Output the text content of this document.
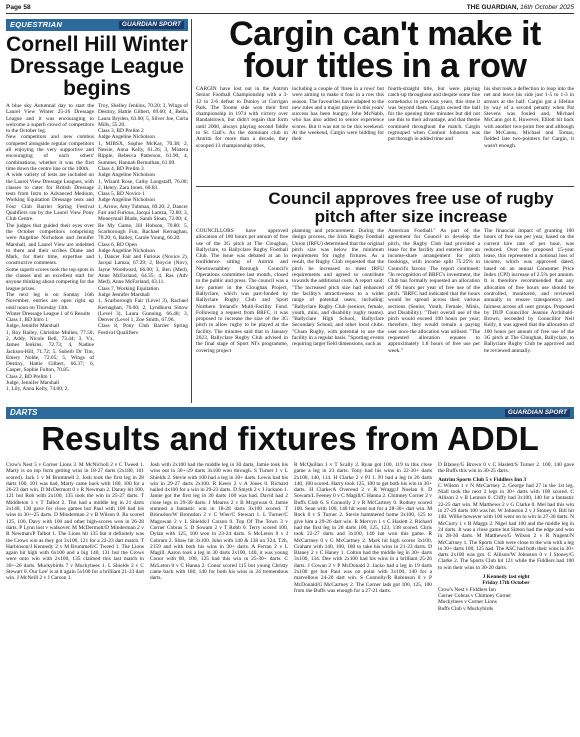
Page 58	THE GUARDIAN, 16th October 2025
EQUESTRIAN	GUARDIAN SPORT
Cornell Hill Winter Dressage League begins

A blue sky Autumnal day to start the Laurel View Winter 25-26 Dressage League and it was encouraging to welcome a superb crowd of competitors to the October leg.

New competitors and new combos competed alongside regular competitors all enjoying the very supportive and encouraging of each others' combinations, whether it was the first time down the centre line or the 100th.

A wide variety of tests are included on the Laurel View Dressage Leagues, with classes to cater for British Dressage tests from Intro to Advanced Medium, Working Equitation Dressage tests and Four Club Barrier Spring Festival Qualifiers ran by the Laurel View Pony Club Centre.

The judges that guided their eyes over the October competitors comprising were Angeline Nicholson and Jennifer Marshall, and Laurel View are indebted to them and their scribes Diane and Mark, for their time, expertise and constructive comments.

Some superb scores took the top spots in the classes and an excellent start for anyone thinking about competing for the league prizes.

The next leg is on Sunday 16th November, entries are open right up until noon on Thursday 13th.

Winter Dressage League 1 of 6 Results

Class 1, BD Intro 1

Judge, Jennifer Marshall

1, Roy Bailey, Christine Mullen, 77.50; 2, Addy, Nicole Bell, 73.44; 3, Vx, James Jenkins, 72.73; 4, Nadine Jackson-Hill, 71.72; 5, Suberb Dr Tim, Emery Noble, 72.05; 5, Wings of Destiny, Hattie Gilbert, 66.37; 6, Casper, Sophie Fulton, 70.85.

Class 2, BD Prelim 1

Judge, Jennifer Marshall

1, Lily, Anna Kelly, 74.00; 2,

Troy, Shelley Jenkins, 70.20; 3, Wings of Destiny, Hattie Gilbert, 69.60; 4, Bella, Laura Bryden, 63.00; 5, Silver Joe, Corla Mills, 55.20.

Class 3, BD Prelim 2

Judge Angeline Nicholson

1, MJBSX, Sophie McKay, 70.38; 2, Nessie, Anna Kelly, 61.26; 3, Mistera Ripple, Rebecca Patterson, 61.90; 4, Summer, Hannah Bernuthan, 61.09.

Class 4, BD Prelim 3

Judge Angeline Nicholson

1, Wizard Rose, Cathy Longstaff, 76.00; 2, Henry, Zara Jones, 60.83.

Class 5, BD Novice 1

Judge Angeline Nicholson

1, Arrow, Amy Tubman, 69.20; 2, Dancer Fair and Furious, Jacqui Lamza, 72.80; 3, Moneymail Blade, Sarah Sloan, 72.00; 4, Be My Game, Jill Hobson, 70.80; 5, Scarborough Fun, Rachael Kernaghan, 70.20; 6, Bailey, Carole Young, 66.20.

Class 6, BD Open

Judge Angeline Nicholson

1, Dancer Fair and Furious (Novice 2), Jacqui Lamza, 67.29; 2, Boycie (Nov), Jayne Woodward, 66.00; 3, Ben (Med), Anne McFarland, 64.35; 4, Ras (Adv Med), Anne McFarland, 63.11.

Class 7, Working Equitation

Judge Jennifer Marshall

1, Scarborough Fair (Level 3), Rachael Kernaghan, 76.00; 2, Lyndhurst Sinow (Level 3), Laura Gunning, 66.48; 3, Denver (Level 1, Zoe Smith, 67.96.

Class 8, Pony Club Barrier Spring Festival Qualifiers

Cargin can't make it four titles in a row
CARGIN have lost out in the Antrim Senior Football Championship with a 3-12 to 2-6 defeat to Dunloy at Corrigan Park. The Toome side won their first championship in 1974 with victory over Randalstown, but didn't regain that form until 2000, always playing second fiddle to St. Gall's. As the dominant club in Antrim for more than a decade, they scooped 13 championship titles,
including a couple of 'three in a rows' but were aiming to make it four in a row this season. The favourites have adapted to the new rules and a major player in this years' success has been hungry, John McNabb, who has also added to senior experience scores. But it was not to be this weekend. At the weekend, Cargin were bidding for their
fourth-straight title, but were playing catch-up throughout and despite some fine comebacks in previous years, this time it was beyond them. Cargin owned the ball for the opening three minutes but did not use this to their advantage, and that theme continued throughout the match. Cargin regrouped when Conhuir Johnston was put through in added time and
his shot took a deflection to loop into the net and leave his side just 1-5 to 1-3 in arrears at the half. Cargin got a lifeline by way of a second penalty when Pat Stevens was fouled and, Michael McCann got it. However, Elliott hit back with another two-point free and although the McCanns, Michael and Tomas, fielded late two-pointers for Cargin, it wasn't enough.
Council approves free use of rugby pitch after size increase
COUNCILLORS have approved allocation of 100 hours per annum of free use of the 3G pitch at The Cloughan, Ballyclare, to Ballyclare Rugby Football Club. The issue was debated at an in confidence sitting of Antrim and Newtownabbey Borough Council's Operations committee last month, closed to the public and press. The council was a key partner in the Cloughan Project, Ballyclare, which was part-funded by Ballyclare Rugby Club and Sport Northern Ireland's Multi-Facility Fund. Following a request from BRFC, it was proposed to increase the size of the 3G pitch to allow rugby to be played at the facility. The minutes said that in January 2023, Ballyclare Rugby Club advised in the final stage of Sport NI's programme, covering project
planning and procurement. During the design process, the Irish Rugby Football Union (IRFU) determined that the original pitch size was below the minimum requirement for rugby fixtures. As a result, the Rugby Club requested that the pitch be increased to meet IRFU requirements and agreed to contribute towards the additional costs. A report said: "The increased pitch size had enhanced the facility's attractiveness to a wider range of potential users, including: "Ballyclare Rugby Club (seniors, female, youth, mini, and disability rugby teams). "Ballyclare High School, Ballyclare Secondary School, and other local clubs. "Cluan Rugby, with potential to use the facility in a regular basis. "Sporting events requiring larger field dimensions, such as
American Football." As part of the agreement for Council to develop the pitch, the Rugby Club had provided a lease for the facility and entered into an income-share arrangement for pitch bookings, with income split 75:25% in Council's favour. The report continued: "In recognition of BRFC's investment, the Club has formally requested an allocation of 90 hours per year of free use of the pitch. "BRFC had indicated that the hours would be spread across their various sections (Senior, Youth, Female, Minis, and Disability). "Their overall use of the pitch would exceed 100 hours per year; therefore, they would remain a paying user once the allocation was utilised. "The requested allocation equates to approximately 1.8 hours of free use per week."
The financial impact of granting 100 hours of free use per year, based on the current hire rate of per hour, was reduced. Over the proposed 15-year lease, this represented a notional loss of income, which was approved dated, based on an annual Consumer Price Index (CPI) increase of 2.5% per annum. It is therefore recommended that any allocation of free hours use should be controlled, monitored, and reviewed annually to ensure transparency and fairness across all user groups. Proposed by DUP Councillor Jeannie Archibald-Brown, seconded by Councillor Neil Kelly, it was agreed that the allocation of 100 hours per annum of free use of the 3G pitch at The Cloughan, Ballyclare, to Ballyclare Rugby Club be approved and be reviewed annually.
DARTS	GUARDIAN SPORT
Results and fixtures from ADDL
Crow's Nest 5 v Corner Lions 3. M McNicholl 2 v C Tweed 1. Marty is on top form getting wins in 18-27 darts (2x180, 101 scored). Jack 1 v M Brummell 2. Josh took the first leg in 28 darts 100, 101 was had, Marty came back with 180, 100 for a 26-23 dart win. D McDermott 0 v R Newman 2. Danny hit 100, 121 but Rob with 2x100, 135 took the win in 25-27 darts. T Middleton 1 v T Talbot 2. Tim had a middle leg in 21 darts 2x140, 130 gave for close games but Paul with 100 had his wins in 30+-25 darts. D Minderman 2 v B Wilson 0. Ru scored 125, 100, Davy with 100 and other high-scores won in 26-28 darts. P Lynn lost v walkover. M McDermott/D Minderman 2 v R Newman/P Talbot 1. The Lions hit 135 but it definitely was the Crows win as they got 3x100, 121 for a 22-23 dart match. T Harbinson/J Kennedy 2 v M Brummell/C Tweed 1. The Lions again hit high with 6x100 and a big 140, 131 but the Crows were onto win with 2x100, 135 claimed this last match in 30+-26 darts. Muckybirds 7 v Muckybees 1. L Shields 2 v C Stewart 0. Our Lee' is at it again 5x100 for a brilliant 21-23 dart win. J McNeill 2 v J Carson 1.
Josh with 2x100 had the middle leg in 30 darts, Jamie took his wins out in 30+-29 darts 3x100 won through. S Turner 1 v L Shields 2. Stevie with 100 had a leg in 30+ darts. Lewis had his win in 29-27 darts 2x100. R Keers 2 v A Jones 0. Richard nailed 4x100 for a win in 29-23 darts. D Smyth 2 v J Jackson 1. Jamie got the first leg in 30 darts 100 was had. David had 2 close legs in 29-30 darts. J Mearns 2 v B Mcgowan 0. Jamie stunned a fantastic win in 18-28 darts 3x100 scored. T Bronsdon/W Bronsdon 2 v C Wier/C Stewart 1. L Turner/C Magowan 2 v L Shields/J Carson 0. Top Of The Town 3 v Corner Cobras 5. D Sowam 2 v T Robb 0. Terry scored 100, Dylan with 125, 100 won in 23-24 darts. S McLeton 0 v J Cobram 2. Shaw hit 3x100. John with 140 & 138 on T24, T2h, 2159 and with both his wins in 30+ darts. A Ferran 2 v L Magill. Aaron took a leg in 30 darts 2x100, 140, it was young Conor with 80, 100, 125 had this win in 25-30+ darts. C McLeton 0 v C Hanna 2. Conor scored 115 but young Christy came back with 180, 140 for both his wins in 24 tremendous darts.
R McQuillan 1 v T Scally 2. Ryan got 100, 119 in this close game a leg in 23 darts. Tony had his wins in 22-30+ darts 2x100, 140, 114. H Clarke 2 v PJ 1. PJ had a leg in 26 darts 140, 100 scored. Harry took 125, 100 to get both his win in 30+ darts. H Clarke/A Overend 2 v R Wragg/J Noelan 0. D Sowam/L Feeney 0 v C Magill/C Hanna 2. Chimney Corner 2 v Buffs Club 6. S Connolly 2 v R McCartney 0. Rodney scored 100. Sean with 100, 140 hit went out for a 28-30+ dart win. M Rock 0 v S Turner 2. Stevie hammered home 3x100, 125 to give him a 29-26 dart win. R Mervyn 1 v C Haslett 2. Richard had the first leg in 28 darts 100, 125, 123, 138 scored. Chris took 22-27 darts and 3x100, 140 hat won this game. R McCartney 0 v G McCartney 2. Mark hit high scores 3x100, Graham with 140, 100, 180 to take his wins in 21-23 darts. D Blaney 2 v C Haney 1. Colton had the middle leg in 30+ darts 3x100, 134. Dee with 2x100 had his wins in a brilliant 25-26 darts. J Cowan 2 v P McDonald 2. Jacko had a leg in 19 darts 2x100 get but Paul was on point with 3x100, 140 for a marvellous 24-20 dart win. S Connolly/R Robinson 0 v P McDonald/G McCartney 2. The Corner lads got 100, 125, 100 from the Buffs was enough for a 27-21 darts.

D Blaney/G Brown 0 v C Haslett/S Turner 2. 100, 140 gave the Buffs this win in 30-25 darts.

Antrim Sports Club 5 v Fiddlers Inn 3

C Wilson 1 v N McCartney 2. George had 27 in the 1st leg. Niall took the next 2 legs in 30+ darts with 100 scored. C Allison 2 v B Lennon 0. Cliffy had 3x100, 140 for a fantastic 22-25 dart win. M Matthews 2 v G Clarke 0. Mel had this win in 27-29 darts 100 was hit. W Johnston 2 v J Stoney 0. Bill hit 140. Willie however with 100 went on to win in 27-30 darts. N McCurry 1 v R Maggs 2. Nigel had 100 and the middle leg in 24 darts. It was a close game but Simon had the edge and won in 28-30 darts. M Matthews/G Wilson 2 v R Nugent/N McCartney 1. The Sports Club were close to the win with a leg in 30+ darts 100, 125 had. The ASC had both their wins in 30+ darts 2x100 was got. C Allison/W Johnston 0 v J Stoney/G Clarke 2. The Sports Club hit 121 while the Fiddlers had 100 to win their wins in 30-20 darts.

J Kennedy last eight

Friday 17th October

Crow's Nest v Fiddlers Inn

Corner Cobras v Chimney Corner

Muckybees v Corner Lions

Buffs Club v Muckybirds
